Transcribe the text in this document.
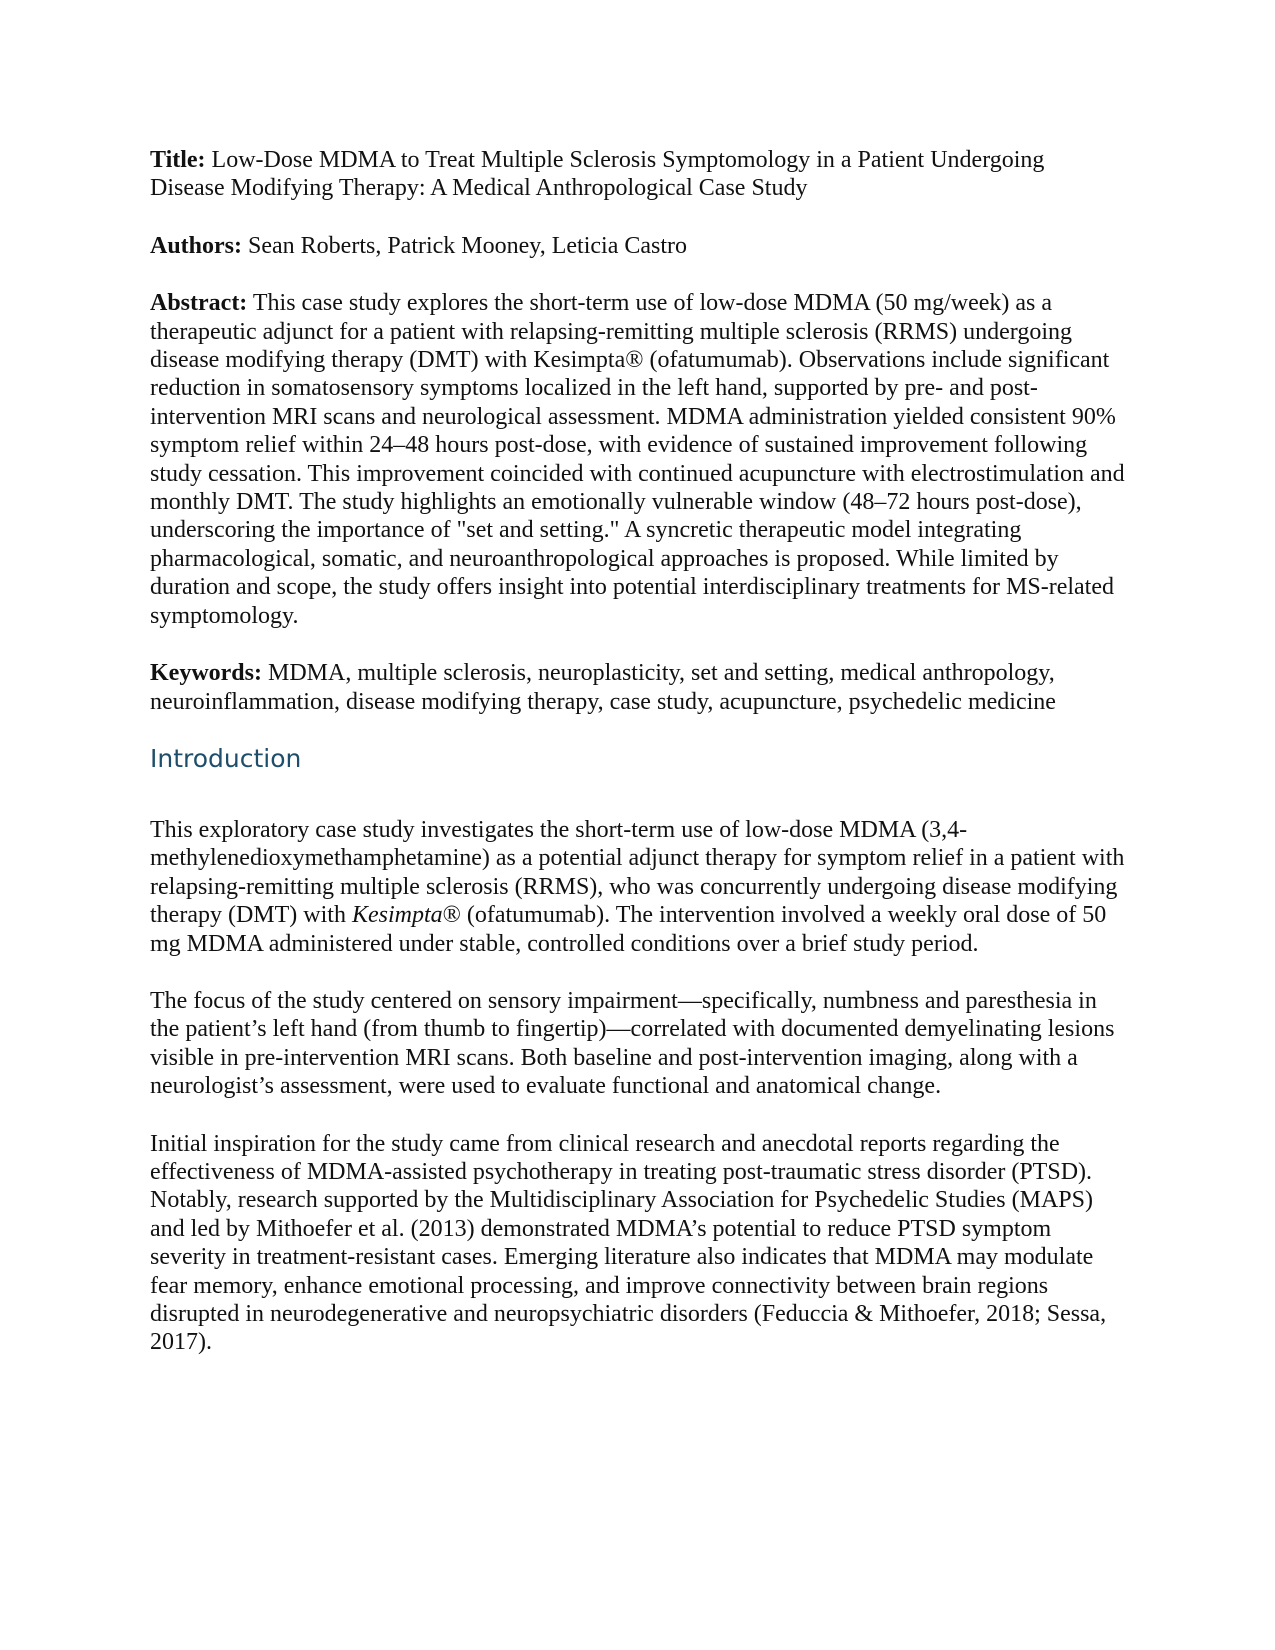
Title: Low-Dose MDMA to Treat Multiple Sclerosis Symptomology in a Patient Undergoing Disease Modifying Therapy: A Medical Anthropological Case Study

Authors: Sean Roberts, Patrick Mooney, Leticia Castro

Abstract: This case study explores the short-term use of low-dose MDMA (50 mg/week) as a therapeutic adjunct for a patient with relapsing-remitting multiple sclerosis (RRMS) undergoing disease modifying therapy (DMT) with Kesimpta® (ofatumumab). Observations include significant reduction in somatosensory symptoms localized in the left hand, supported by pre- and post-intervention MRI scans and neurological assessment. MDMA administration yielded consistent 90% symptom relief within 24–48 hours post-dose, with evidence of sustained improvement following study cessation. This improvement coincided with continued acupuncture with electrostimulation and monthly DMT. The study highlights an emotionally vulnerable window (48–72 hours post-dose), underscoring the importance of "set and setting." A syncretic therapeutic model integrating pharmacological, somatic, and neuroanthropological approaches is proposed. While limited by duration and scope, the study offers insight into potential interdisciplinary treatments for MS-related symptomology.

Keywords: MDMA, multiple sclerosis, neuroplasticity, set and setting, medical anthropology, neuroinflammation, disease modifying therapy, case study, acupuncture, psychedelic medicine

Introduction

This exploratory case study investigates the short-term use of low-dose MDMA (3,4-methylenedioxymethamphetamine) as a potential adjunct therapy for symptom relief in a patient with relapsing-remitting multiple sclerosis (RRMS), who was concurrently undergoing disease modifying therapy (DMT) with Kesimpta® (ofatumumab). The intervention involved a weekly oral dose of 50 mg MDMA administered under stable, controlled conditions over a brief study period.

The focus of the study centered on sensory impairment—specifically, numbness and paresthesia in the patient’s left hand (from thumb to fingertip)—correlated with documented demyelinating lesions visible in pre-intervention MRI scans. Both baseline and post-intervention imaging, along with a neurologist’s assessment, were used to evaluate functional and anatomical change.

Initial inspiration for the study came from clinical research and anecdotal reports regarding the effectiveness of MDMA-assisted psychotherapy in treating post-traumatic stress disorder (PTSD). Notably, research supported by the Multidisciplinary Association for Psychedelic Studies (MAPS) and led by Mithoefer et al. (2013) demonstrated MDMA’s potential to reduce PTSD symptom severity in treatment-resistant cases. Emerging literature also indicates that MDMA may modulate fear memory, enhance emotional processing, and improve connectivity between brain regions disrupted in neurodegenerative and neuropsychiatric disorders (Feduccia & Mithoefer, 2018; Sessa, 2017).
